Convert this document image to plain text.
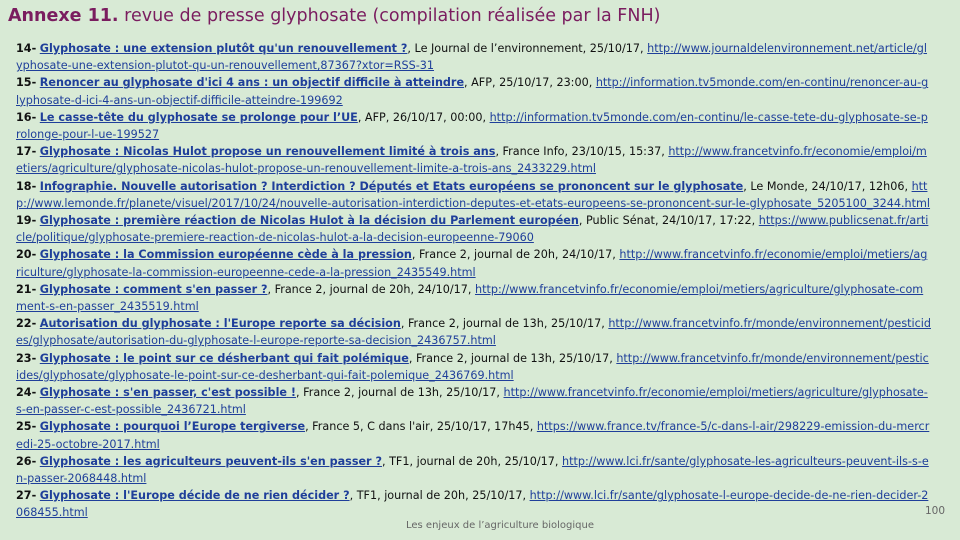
Annexe 11. revue de presse glyphosate (compilation réalisée par la FNH)

14- Glyphosate : une extension plutôt qu'un renouvellement ?, Le Journal de l’environnement, 25/10/17, http://www.journaldelenvironnement.net/article/glyphosate-une-extension-plutot-qu-un-renouvellement,87367?xtor=RSS-31

15- Renoncer au glyphosate d'ici 4 ans : un objectif difficile à atteindre, AFP, 25/10/17, 23:00, http://information.tv5monde.com/en-continu/renoncer-au-glyphosate-d-ici-4-ans-un-objectif-difficile-atteindre-199692

16- Le casse-tête du glyphosate se prolonge pour l’UE, AFP, 26/10/17, 00:00, http://information.tv5monde.com/en-continu/le-casse-tete-du-glyphosate-se-prolonge-pour-l-ue-199527

17- Glyphosate : Nicolas Hulot propose un renouvellement limité à trois ans, France Info, 23/10/15, 15:37, http://www.francetvinfo.fr/economie/emploi/metiers/agriculture/glyphosate-nicolas-hulot-propose-un-renouvellement-limite-a-trois-ans_2433229.html

18- Infographie. Nouvelle autorisation ? Interdiction ? Députés et Etats européens se prononcent sur le glyphosate, Le Monde, 24/10/17, 12h06, http://www.lemonde.fr/planete/visuel/2017/10/24/nouvelle-autorisation-interdiction-deputes-et-etats-europeens-se-prononcent-sur-le-glyphosate_5205100_3244.html

19- Glyphosate : première réaction de Nicolas Hulot à la décision du Parlement européen, Public Sénat, 24/10/17, 17:22, https://www.publicsenat.fr/article/politique/glyphosate-premiere-reaction-de-nicolas-hulot-a-la-decision-europeenne-79060

20- Glyphosate : la Commission européenne cède à la pression, France 2, journal de 20h, 24/10/17, http://www.francetvinfo.fr/economie/emploi/metiers/agriculture/glyphosate-la-commission-europeenne-cede-a-la-pression_2435549.html

21- Glyphosate : comment s'en passer ?, France 2, journal de 20h, 24/10/17, http://www.francetvinfo.fr/economie/emploi/metiers/agriculture/glyphosate-comment-s-en-passer_2435519.html

22- Autorisation du glyphosate : l'Europe reporte sa décision, France 2, journal de 13h, 25/10/17, http://www.francetvinfo.fr/monde/environnement/pesticides/glyphosate/autorisation-du-glyphosate-l-europe-reporte-sa-decision_2436757.html

23- Glyphosate : le point sur ce désherbant qui fait polémique, France 2, journal de 13h, 25/10/17, http://www.francetvinfo.fr/monde/environnement/pesticides/glyphosate/glyphosate-le-point-sur-ce-desherbant-qui-fait-polemique_2436769.html

24- Glyphosate : s'en passer, c'est possible !, France 2, journal de 13h, 25/10/17, http://www.francetvinfo.fr/economie/emploi/metiers/agriculture/glyphosate-s-en-passer-c-est-possible_2436721.html

25- Glyphosate : pourquoi l’Europe tergiverse, France 5, C dans l'air, 25/10/17, 17h45, https://www.france.tv/france-5/c-dans-l-air/298229-emission-du-mercredi-25-octobre-2017.html

26- Glyphosate : les agriculteurs peuvent-ils s'en passer ?, TF1, journal de 20h, 25/10/17, http://www.lci.fr/sante/glyphosate-les-agriculteurs-peuvent-ils-s-en-passer-2068448.html

27- Glyphosate : l'Europe décide de ne rien décider ?, TF1, journal de 20h, 25/10/17, http://www.lci.fr/sante/glyphosate-l-europe-decide-de-ne-rien-decider-2068455.html

Les enjeux de l’agriculture biologique
100
